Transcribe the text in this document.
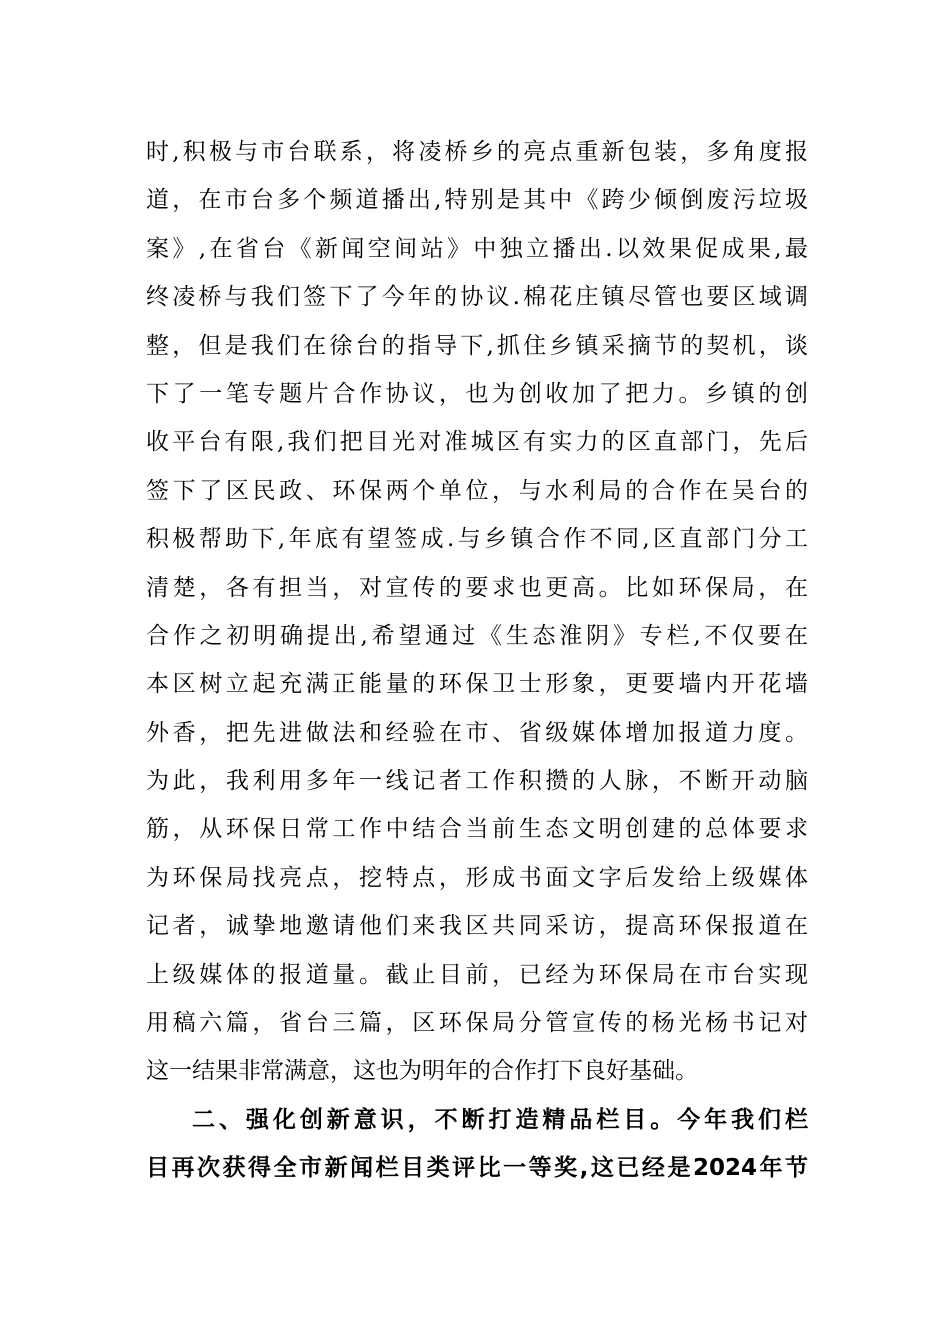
时,积极与市台联系，将凌桥乡的亮点重新包装，多角度报
道，在市台多个频道播出,特别是其中《跨少倾倒废污垃圾
案》,在省台《新闻空间站》中独立播出.以效果促成果,最
终凌桥与我们签下了今年的协议.棉花庄镇尽管也要区域调
整，但是我们在徐台的指导下,抓住乡镇采摘节的契机，谈
下了一笔专题片合作协议，也为创收加了把力。乡镇的创
收平台有限,我们把目光对准城区有实力的区直部门，先后
签下了区民政、环保两个单位，与水利局的合作在吴台的
积极帮助下,年底有望签成.与乡镇合作不同,区直部门分工
清楚，各有担当，对宣传的要求也更高。比如环保局，在
合作之初明确提出,希望通过《生态淮阴》专栏,不仅要在
本区树立起充满正能量的环保卫士形象，更要墙内开花墙
外香，把先进做法和经验在市、省级媒体增加报道力度。
为此，我利用多年一线记者工作积攒的人脉，不断开动脑
筋，从环保日常工作中结合当前生态文明创建的总体要求
为环保局找亮点，挖特点，形成书面文字后发给上级媒体
记者，诚挚地邀请他们来我区共同采访，提高环保报道在
上级媒体的报道量。截止目前，已经为环保局在市台实现
用稿六篇，省台三篇，区环保局分管宣传的杨光杨书记对
这一结果非常满意，这也为明年的合作打下良好基础。
二、强化创新意识，不断打造精品栏目。今年我们栏
目再次获得全市新闻栏目类评比一等奖,这已经是2024年节
